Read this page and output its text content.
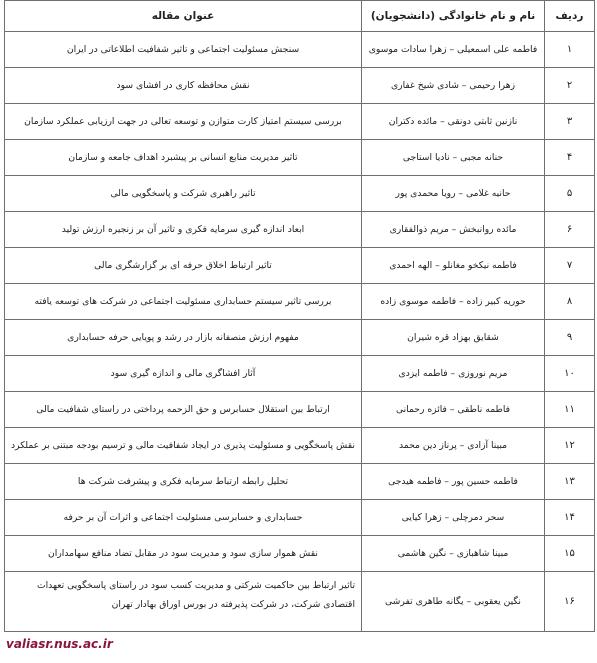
ردیف	نام و نام خانوادگی (دانشجویان)	عنوان مقاله
۱	فاطمه علی اسمعیلی – زهرا سادات موسوی	سنجش مسئولیت اجتماعی و تاثیر شفافیت اطلاعاتی در ایران
۲	زهرا رحیمی – شادی شیخ غفاری	نقش محافظه کاری در افشای سود
۳	نازنین ثابتی دونقی – مائده دکتران	بررسی سیستم امتیاز کارت متوازن و توسعه تعالی در جهت ارزیابی عملکرد سازمان
۴	حنانه مجبی – نادیا استاجی	تاثیر مدیریت منابع انسانی بر پیشبرد اهداف جامعه و سازمان
۵	حانیه غلامی – رویا محمدی پور	تاثیر راهبری شرکت و پاسخگویی مالی
۶	مائده روانبخش – مریم ذوالفقاری	ابعاد اندازه گیری سرمایه فکری و تاثیر آن بر زنجیره ارزش تولید
۷	فاطمه نیکخو مغانلو – الهه احمدی	تاثیر ارتباط اخلاق حرفه ای بر گزارشگری مالی
۸	حوریه کبیر زاده – فاطمه موسوی زاده	بررسی تاثیر سیستم حسابداری مسئولیت اجتماعی در شرکت های توسعه یافته
۹	شقایق بهزاد قره شیران	مفهوم ارزش منصفانه بازار در رشد و پویایی حرفه حسابداری
۱۰	مریم نوروزی – فاطمه ایزدی	آثار افشاگری مالی و اندازه گیری سود
۱۱	فاطمه ناطقی – فائزه رحمانی	ارتباط بین استقلال حسابرس و حق الزحمه پرداختی در راستای شفافیت مالی
۱۲	مبینا آزادی – پرناز دین محمد	نقش پاسخگویی و مسئولیت پذیری در ایجاد شفافیت مالی و ترسیم بودجه مبتنی بر عملکرد
۱۳	فاطمه حسین پور – فاطمه هیدجی	تحلیل رابطه ارتباط سرمایه فکری و پیشرفت شرکت ها
۱۴	سحر دمرچلی – زهرا کیایی	حسابداری و حسابرسی مسئولیت اجتماعی و اثرات آن بر حرفه
۱۵	مبینا شاهبازی – نگین هاشمی	نقش هموار سازی سود و مدیریت سود در مقابل تضاد منافع سهامداران
۱۶	نگین یعقوبی – یگانه طاهری تفرشی	تاثیر ارتباط بین حاکمیت شرکتی و مدیریت کسب سود در راستای پاسخگویی تعهدات اقتصادی شرکت، در شرکت پذیرفته در بورس اوراق بهادار تهران
valiasr.nus.ac.ir
